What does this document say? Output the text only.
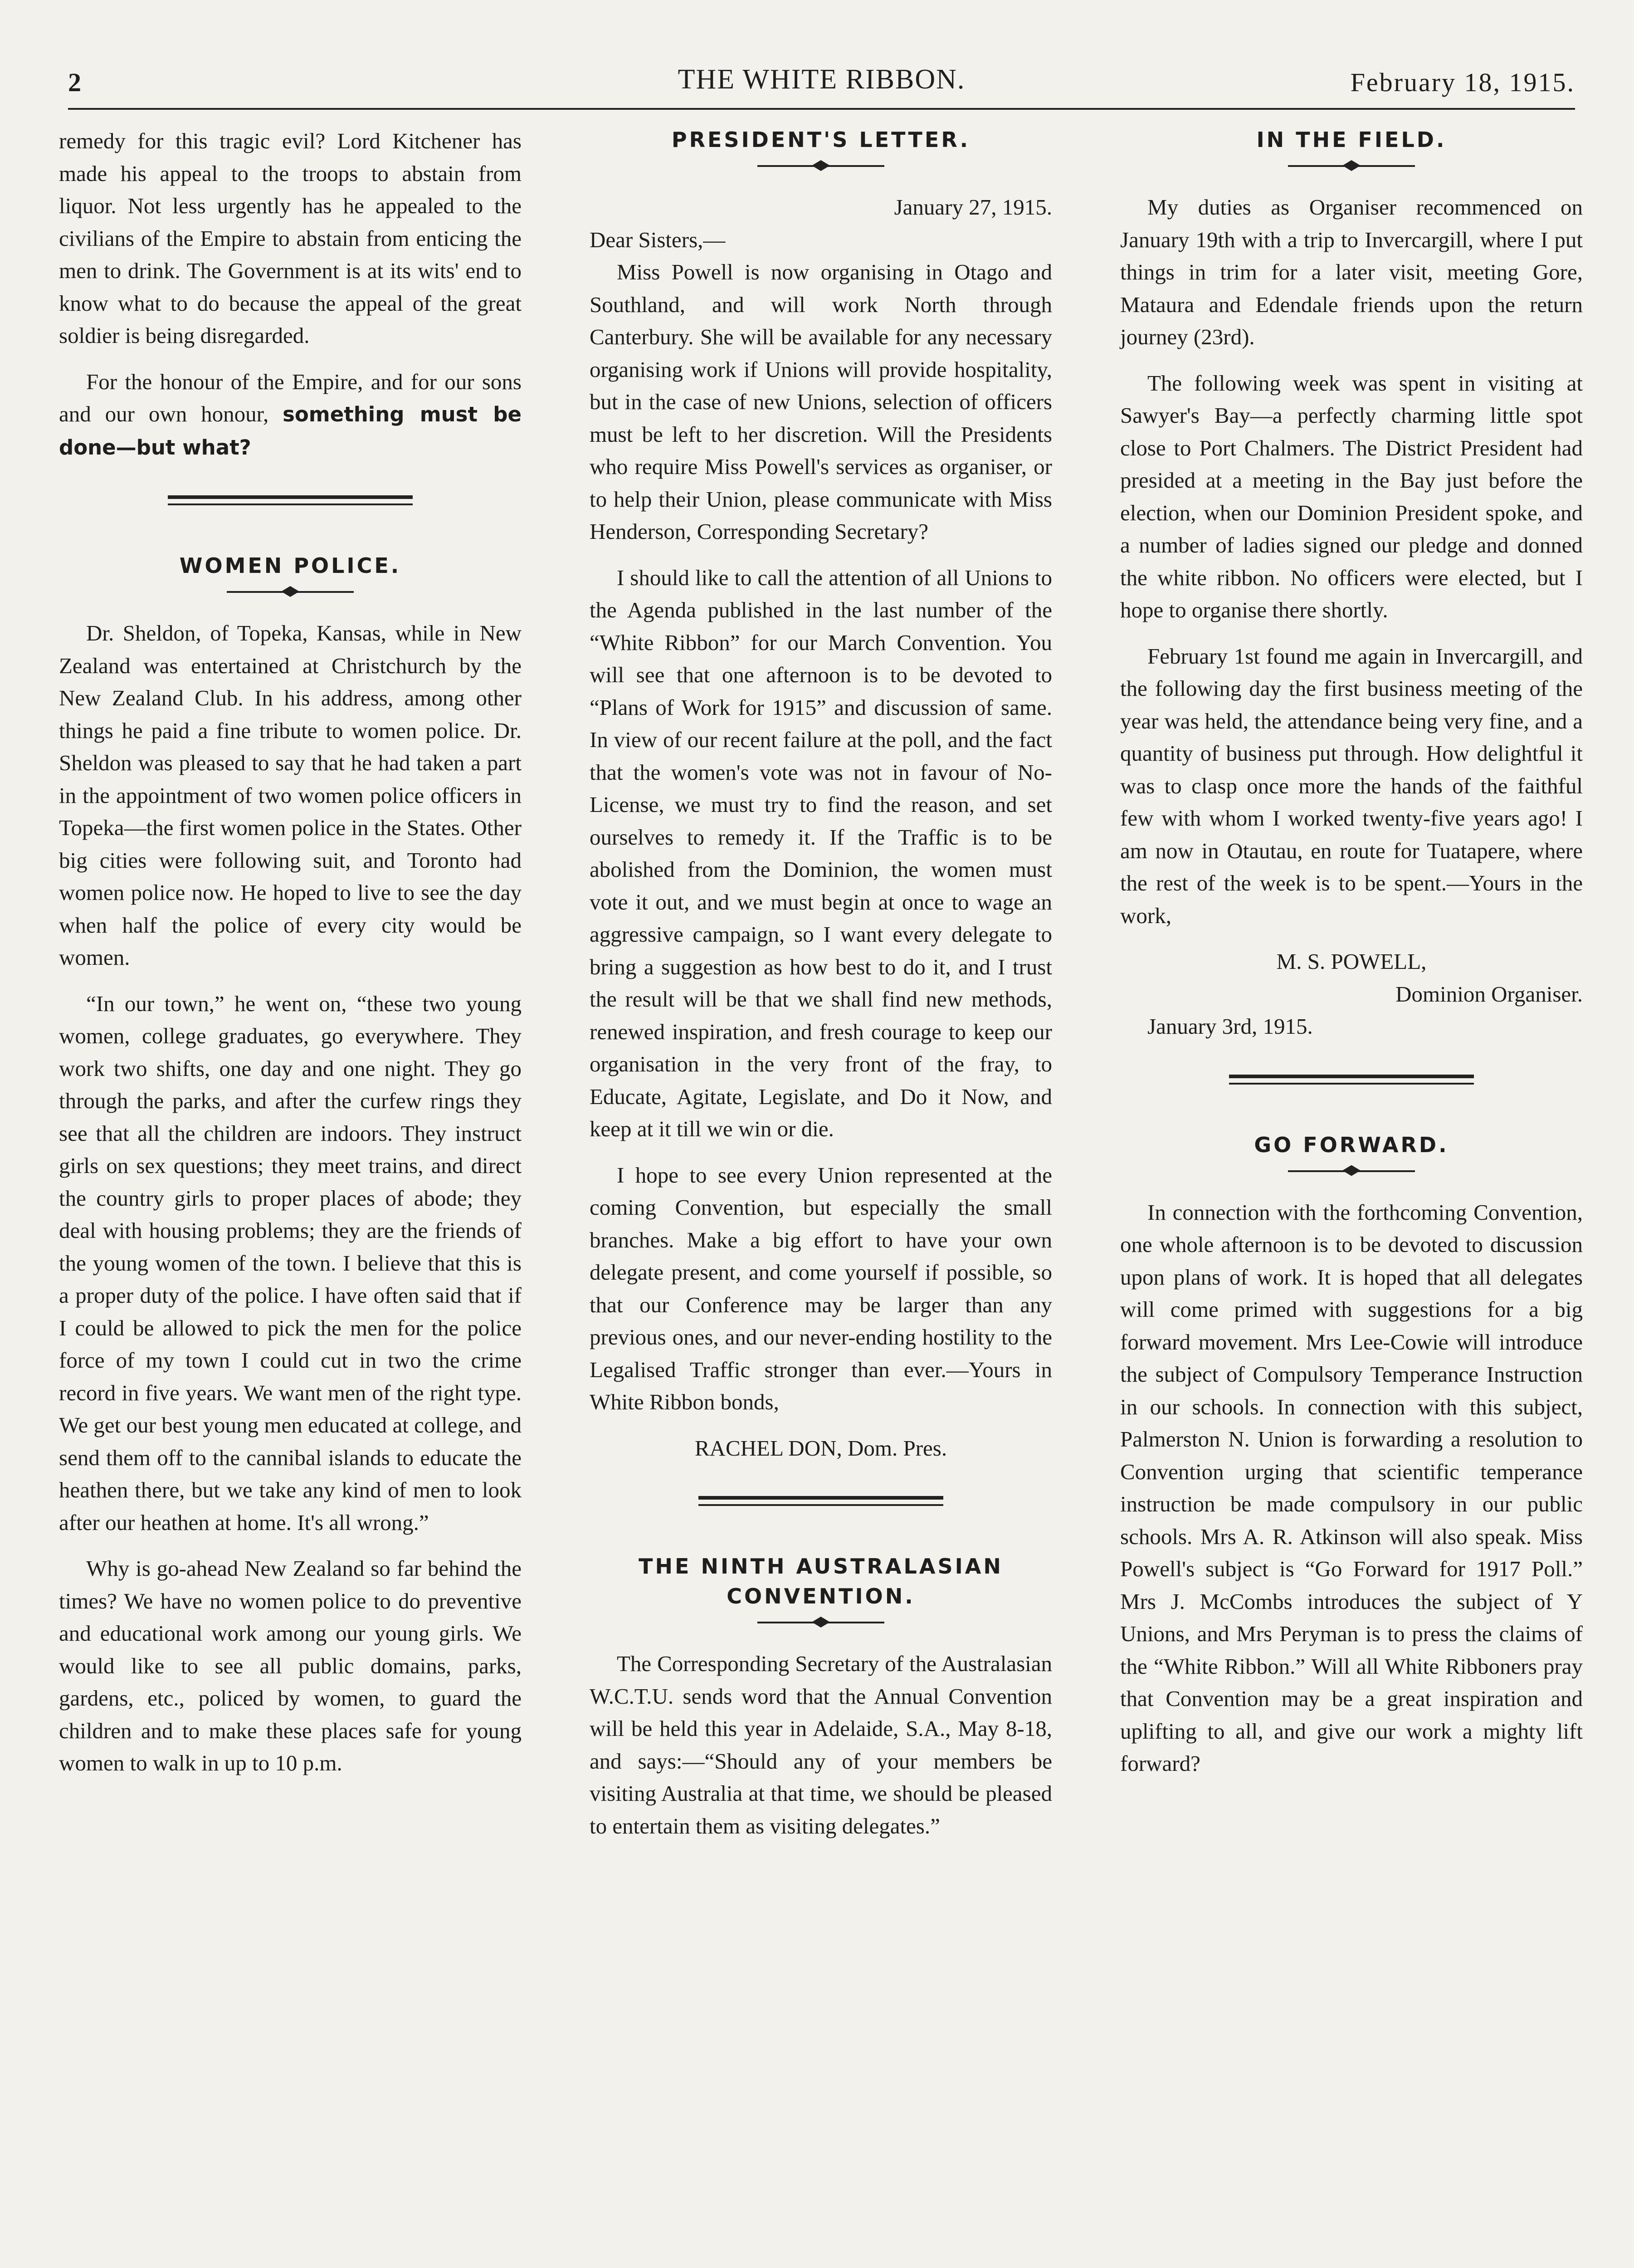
2	THE WHITE RIBBON.	February 18, 1915.

remedy for this tragic evil? Lord Kitchener has made his appeal to the troops to abstain from liquor. Not less urgently has he appealed to the civilians of the Empire to abstain from enticing the men to drink. The Government is at its wits' end to know what to do because the appeal of the great soldier is being disregarded.

For the honour of the Empire, and for our sons and our own honour, something must be done—but what?

WOMEN POLICE.

Dr. Sheldon, of Topeka, Kansas, while in New Zealand was entertained at Christchurch by the New Zealand Club. In his address, among other things he paid a fine tribute to women police. Dr. Sheldon was pleased to say that he had taken a part in the appointment of two women police officers in Topeka—the first women police in the States. Other big cities were following suit, and Toronto had women police now. He hoped to live to see the day when half the police of every city would be women.

“In our town,” he went on, “these two young women, college graduates, go everywhere. They work two shifts, one day and one night. They go through the parks, and after the curfew rings they see that all the children are indoors. They instruct girls on sex questions; they meet trains, and direct the country girls to proper places of abode; they deal with housing problems; they are the friends of the young women of the town. I believe that this is a proper duty of the police. I have often said that if I could be allowed to pick the men for the police force of my town I could cut in two the crime record in five years. We want men of the right type. We get our best young men educated at college, and send them off to the cannibal islands to educate the heathen there, but we take any kind of men to look after our heathen at home. It's all wrong.”

Why is go-ahead New Zealand so far behind the times? We have no women police to do preventive and educational work among our young girls. We would like to see all public domains, parks, gardens, etc., policed by women, to guard the children and to make these places safe for young women to walk in up to 10 p.m.

PRESIDENT'S LETTER.

January 27, 1915.

Dear Sisters,—

Miss Powell is now organising in Otago and Southland, and will work North through Canterbury. She will be available for any necessary organising work if Unions will provide hospitality, but in the case of new Unions, selection of officers must be left to her discretion. Will the Presidents who require Miss Powell's services as organiser, or to help their Union, please communicate with Miss Henderson, Corresponding Secretary?

I should like to call the attention of all Unions to the Agenda published in the last number of the “White Ribbon” for our March Convention. You will see that one afternoon is to be devoted to “Plans of Work for 1915” and discussion of same. In view of our recent failure at the poll, and the fact that the women's vote was not in favour of No-License, we must try to find the reason, and set ourselves to remedy it. If the Traffic is to be abolished from the Dominion, the women must vote it out, and we must begin at once to wage an aggressive campaign, so I want every delegate to bring a suggestion as how best to do it, and I trust the result will be that we shall find new methods, renewed inspiration, and fresh courage to keep our organisation in the very front of the fray, to Educate, Agitate, Legislate, and Do it Now, and keep at it till we win or die.

I hope to see every Union represented at the coming Convention, but especially the small branches. Make a big effort to have your own delegate present, and come yourself if possible, so that our Conference may be larger than any previous ones, and our never-ending hostility to the Legalised Traffic stronger than ever.—Yours in White Ribbon bonds,

RACHEL DON, Dom. Pres.

THE NINTH AUSTRALASIAN CONVENTION.

The Corresponding Secretary of the Australasian W.C.T.U. sends word that the Annual Convention will be held this year in Adelaide, S.A., May 8-18, and says:—“Should any of your members be visiting Australia at that time, we should be pleased to entertain them as visiting delegates.”

IN THE FIELD.

My duties as Organiser recommenced on January 19th with a trip to Invercargill, where I put things in trim for a later visit, meeting Gore, Mataura and Edendale friends upon the return journey (23rd).

The following week was spent in visiting at Sawyer's Bay—a perfectly charming little spot close to Port Chalmers. The District President had presided at a meeting in the Bay just before the election, when our Dominion President spoke, and a number of ladies signed our pledge and donned the white ribbon. No officers were elected, but I hope to organise there shortly.

February 1st found me again in Invercargill, and the following day the first business meeting of the year was held, the attendance being very fine, and a quantity of business put through. How delightful it was to clasp once more the hands of the faithful few with whom I worked twenty-five years ago! I am now in Otautau, en route for Tuatapere, where the rest of the week is to be spent.—Yours in the work,

M. S. POWELL,

Dominion Organiser.

January 3rd, 1915.

GO FORWARD.

In connection with the forthcoming Convention, one whole afternoon is to be devoted to discussion upon plans of work. It is hoped that all delegates will come primed with suggestions for a big forward movement. Mrs Lee-Cowie will introduce the subject of Compulsory Temperance Instruction in our schools. In connection with this subject, Palmerston N. Union is forwarding a resolution to Convention urging that scientific temperance instruction be made compulsory in our public schools. Mrs A. R. Atkinson will also speak. Miss Powell's subject is “Go Forward for 1917 Poll.” Mrs J. McCombs introduces the subject of Y Unions, and Mrs Peryman is to press the claims of the “White Ribbon.” Will all White Ribboners pray that Convention may be a great inspiration and uplifting to all, and give our work a mighty lift forward?
